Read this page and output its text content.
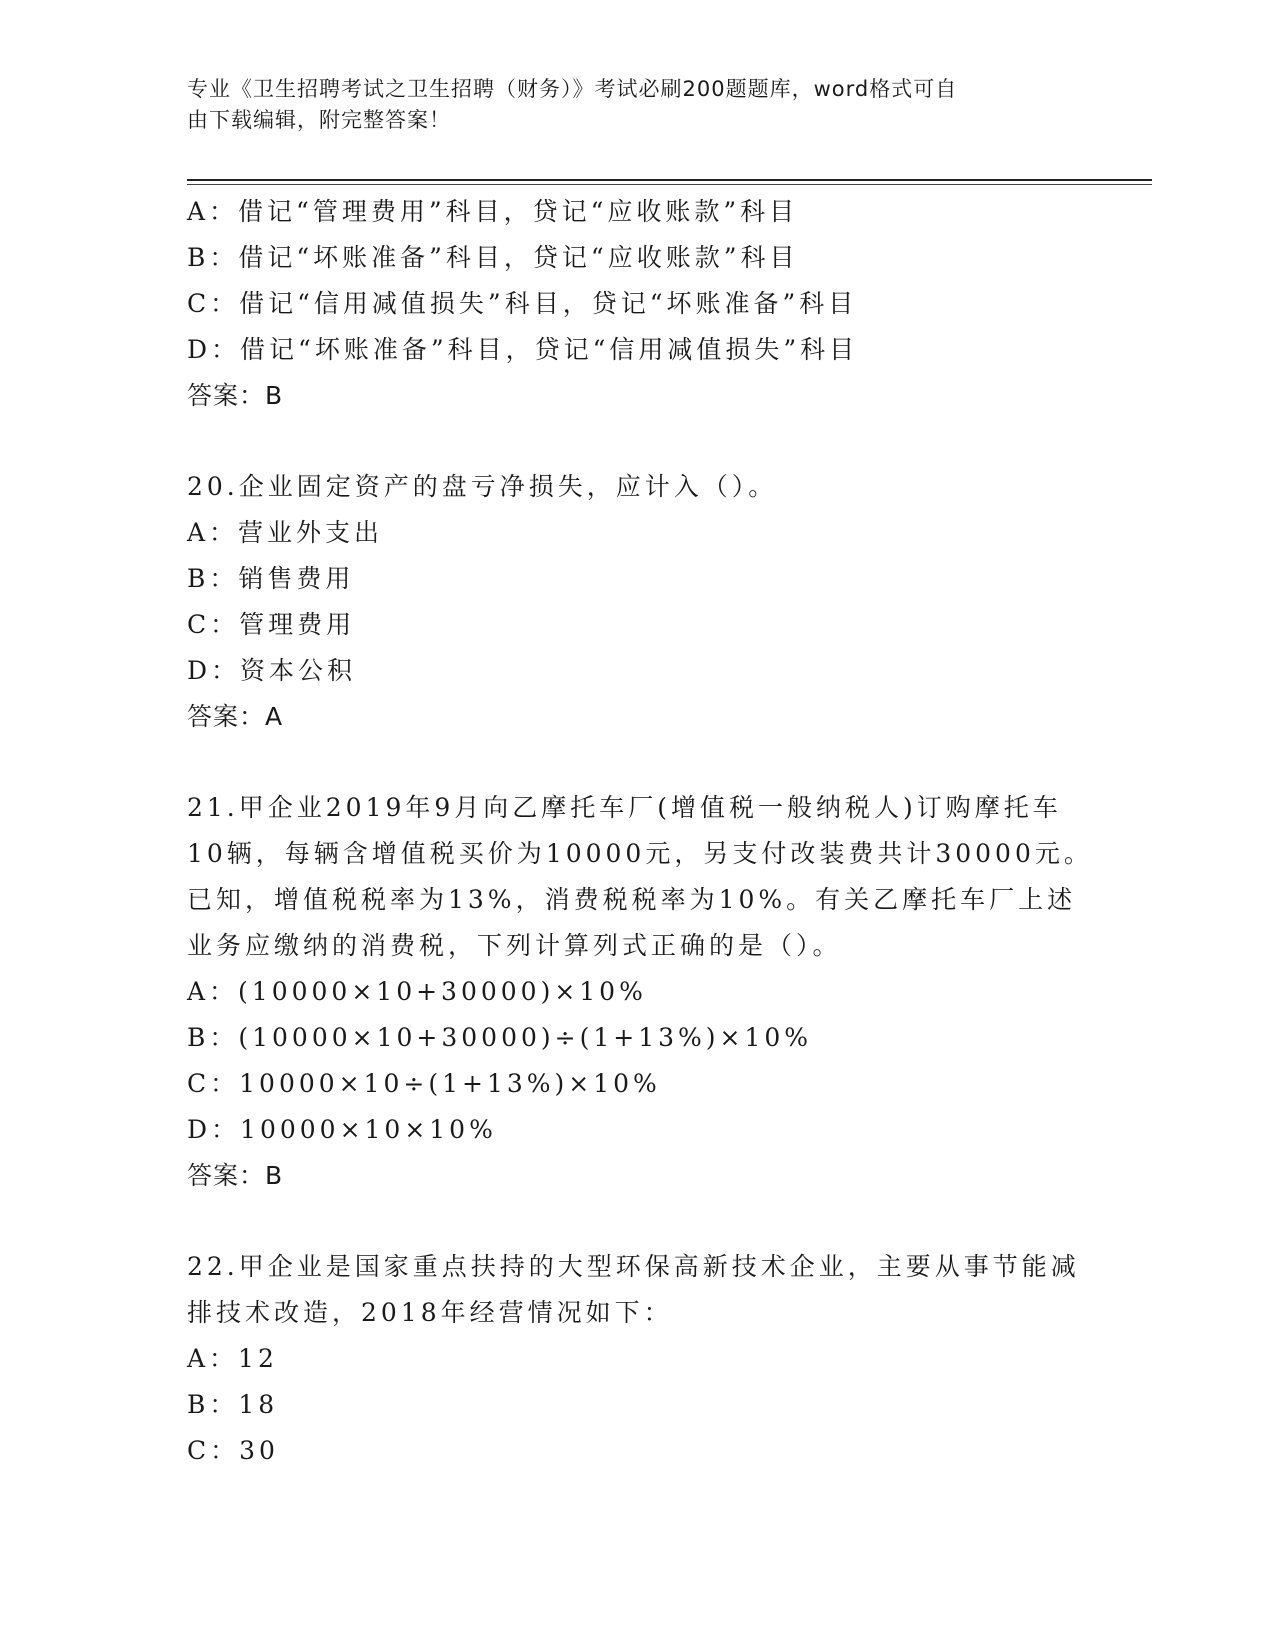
专业《卫生招聘考试之卫生招聘（财务）》考试必刷200题题库，word格式可自
由下载编辑，附完整答案！
A：借记“管理费用”科目，贷记“应收账款”科目
B：借记“坏账准备”科目，贷记“应收账款”科目
C：借记“信用减值损失”科目，贷记“坏账准备”科目
D：借记“坏账准备”科目，贷记“信用减值损失”科目
答案：B
20.企业固定资产的盘亏净损失，应计入（）。
A：营业外支出
B：销售费用
C：管理费用
D：资本公积
答案：A
21.甲企业2019年9月向乙摩托车厂(增值税一般纳税人)订购摩托车
10辆，每辆含增值税买价为10000元，另支付改装费共计30000元。
已知，增值税税率为13%，消费税税率为10%。有关乙摩托车厂上述
业务应缴纳的消费税，下列计算列式正确的是（）。
A：(10000×10+30000)×10%
B：(10000×10+30000)÷(1+13%)×10%
C：10000×10÷(1+13%)×10%
D：10000×10×10%
答案：B
22.甲企业是国家重点扶持的大型环保高新技术企业，主要从事节能减
排技术改造，2018年经营情况如下：
A：12
B：18
C：30
